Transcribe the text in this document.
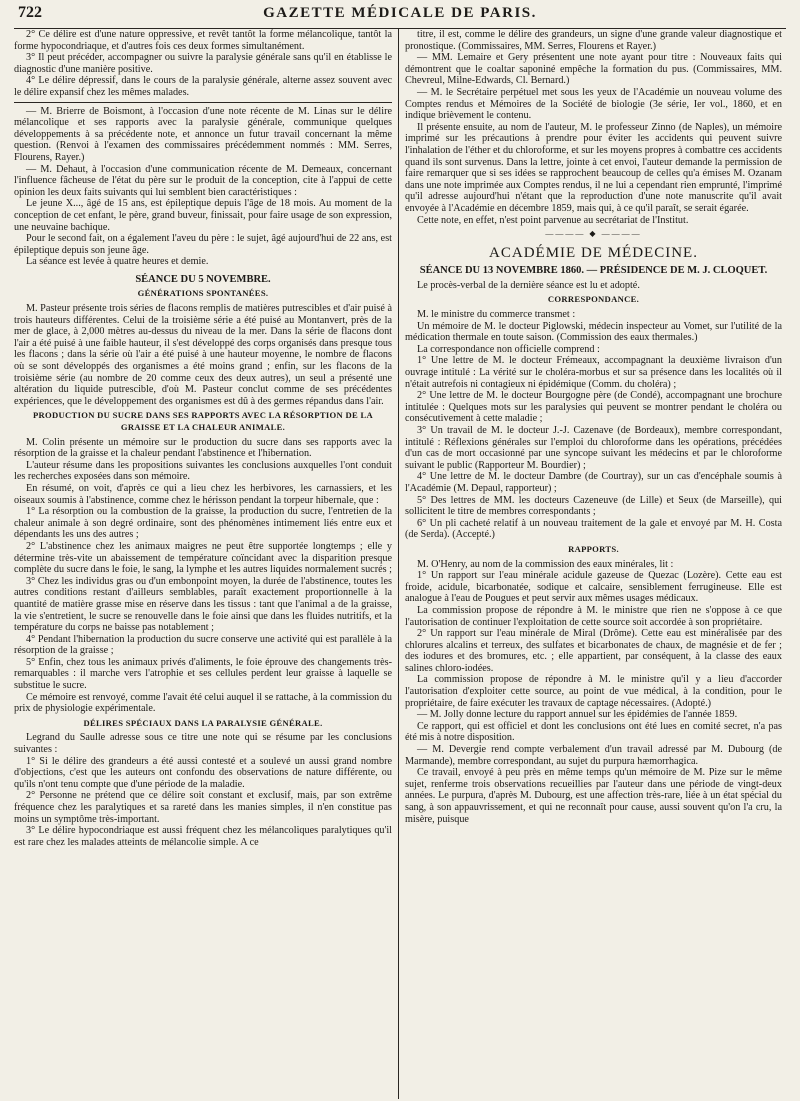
722	GAZETTE MÉDICALE DE PARIS.

2° Ce délire est d'une nature oppressive, et revêt tantôt la forme mélancolique, tantôt la forme hypocondriaque, et d'autres fois ces deux formes simultanément.

3° Il peut précéder, accompagner ou suivre la paralysie générale sans qu'il en établisse le diagnostic d'une manière positive.

4° Le délire dépressif, dans le cours de la paralysie générale, alterne assez souvent avec le délire expansif chez les mêmes malades.

— M. Brierre de Boismont, à l'occasion d'une note récente de M. Linas sur le délire mélancolique et ses rapports avec la paralysie générale, communique quelques développements à sa précédente note, et annonce un futur travail concernant la même question. (Renvoi à l'examen des commissaires précédemment nommés : MM. Serres, Flourens, Rayer.)

— M. Dehaut, à l'occasion d'une communication récente de M. Demeaux, concernant l'influence fâcheuse de l'état du père sur le produit de la conception, cite à l'appui de cette opinion les deux faits suivants qui lui semblent bien caractéristiques :

Le jeune X..., âgé de 15 ans, est épileptique depuis l'âge de 18 mois. Au moment de la conception de cet enfant, le père, grand buveur, finissait, pour faire usage de son expression, une neuvaine bachique.

Pour le second fait, on a également l'aveu du père : le sujet, âgé aujourd'hui de 22 ans, est épileptique depuis son jeune âge.

La séance est levée à quatre heures et demie.

SÉANCE DU 5 NOVEMBRE.

GÉNÉRATIONS SPONTANÉES.

M. Pasteur présente trois séries de flacons remplis de matières putrescibles et d'air puisé à trois hauteurs différentes. Celui de la troisième série a été puisé au Montanvert, près de la mer de glace, à 2,000 mètres au-dessus du niveau de la mer. Dans la série de flacons dont l'air a été puisé à une faible hauteur, il s'est développé des corps organisés dans presque tous les flacons ; dans la série où l'air a été puisé à une hauteur moyenne, le nombre de flacons où se sont développés des organismes a été moins grand ; enfin, sur les flacons de la troisième série (au nombre de 20 comme ceux des deux autres), un seul a présenté une altération du liquide putrescible, d'où M. Pasteur conclut comme de ses précédentes expériences, que le développement des organismes est dû à des germes répandus dans l'air.

PRODUCTION DU SUCRE DANS SES RAPPORTS AVEC LA RÉSORPTION DE LA GRAISSE ET LA CHALEUR ANIMALE.

M. Colin présente un mémoire sur le production du sucre dans ses rapports avec la résorption de la graisse et la chaleur pendant l'abstinence et l'hibernation.

L'auteur résume dans les propositions suivantes les conclusions auxquelles l'ont conduit les recherches exposées dans son mémoire.

En résumé, on voit, d'après ce qui a lieu chez les herbivores, les carnassiers, et les oiseaux soumis à l'abstinence, comme chez le hérisson pendant la torpeur hibernale, que :

1° La résorption ou la combustion de la graisse, la production du sucre, l'entretien de la chaleur animale à son degré ordinaire, sont des phénomènes intimement liés entre eux et dépendants les uns des autres ;

2° L'abstinence chez les animaux maigres ne peut être supportée longtemps ; elle y détermine très-vite un abaissement de température coïncidant avec la disparition presque complète du sucre dans le foie, le sang, la lymphe et les autres liquides normalement sucrés ;

3° Chez les individus gras ou d'un embonpoint moyen, la durée de l'abstinence, toutes les autres conditions restant d'ailleurs semblables, paraît exactement proportionnelle à la quantité de matière grasse mise en réserve dans les tissus : tant que l'animal a de la graisse, la vie s'entretient, le sucre se renouvelle dans le foie ainsi que dans les fluides nutritifs, et la température du corps ne baisse pas notablement ;

4° Pendant l'hibernation la production du sucre conserve une activité qui est parallèle à la résorption de la graisse ;

5° Enfin, chez tous les animaux privés d'aliments, le foie éprouve des changements très-remarquables : il marche vers l'atrophie et ses cellules perdent leur graisse à laquelle se substitue le sucre.

Ce mémoire est renvoyé, comme l'avait été celui auquel il se rattache, à la commission du prix de physiologie expérimentale.

DÉLIRES SPÉCIAUX DANS LA PARALYSIE GÉNÉRALE.

Legrand du Saulle adresse sous ce titre une note qui se résume par les conclusions suivantes :

1° Si le délire des grandeurs a été aussi contesté et a soulevé un aussi grand nombre d'objections, c'est que les auteurs ont confondu des observations de nature différente, ou qu'ils n'ont tenu compte que d'une période de la maladie.

2° Personne ne prétend que ce délire soit constant et exclusif, mais, par son extrême fréquence chez les paralytiques et sa rareté dans les manies simples, il n'en constitue pas moins un symptôme très-important.

3° Le délire hypocondriaque est aussi fréquent chez les mélancoliques paralytiques qu'il est rare chez les malades atteints de mélancolie simple. A ce

titre, il est, comme le délire des grandeurs, un signe d'une grande valeur diagnostique et pronostique. (Commissaires, MM. Serres, Flourens et Rayer.)

— MM. Lemaire et Gery présentent une note ayant pour titre : Nouveaux faits qui démontrent que le coaltar saponiné empêche la formation du pus. (Commissaires, MM. Chevreul, Milne-Edwards, Cl. Bernard.)

— M. le Secrétaire perpétuel met sous les yeux de l'Académie un nouveau volume des Comptes rendus et Mémoires de la Société de biologie (3e série, Ier vol., 1860, et en indique brièvement le contenu.

Il présente ensuite, au nom de l'auteur, M. le professeur Zinno (de Naples), un mémoire imprimé sur les précautions à prendre pour éviter les accidents qui peuvent suivre l'inhalation de l'éther et du chloroforme, et sur les moyens propres à combattre ces accidents quand ils sont survenus. Dans la lettre, jointe à cet envoi, l'auteur demande la permission de faire remarquer que si ses idées se rapprochent beaucoup de celles qu'a émises M. Ozanam dans une note imprimée aux Comptes rendus, il ne lui a cependant rien emprunté, l'imprimé qu'il adresse aujourd'hui n'étant que la reproduction d'une note manuscrite qu'il avait envoyée à l'Académie en décembre 1859, mais qui, à ce qu'il paraît, se serait égarée.

Cette note, en effet, n'est point parvenue au secrétariat de l'Institut.

———— ◆ ————

ACADÉMIE DE MÉDECINE.

SÉANCE DU 13 NOVEMBRE 1860. — PRÉSIDENCE DE M. J. CLOQUET.

Le procès-verbal de la dernière séance est lu et adopté.

CORRESPONDANCE.

M. le ministre du commerce transmet :

Un mémoire de M. le docteur Piglowski, médecin inspecteur au Vomet, sur l'utilité de la médication thermale en toute saison. (Commission des eaux thermales.)

La correspondance non officielle comprend :

1° Une lettre de M. le docteur Frémeaux, accompagnant la deuxième livraison d'un ouvrage intitulé : La vérité sur le choléra-morbus et sur sa présence dans les localités où il n'était autrefois ni contagieux ni épidémique (Comm. du choléra) ;

2° Une lettre de M. le docteur Bourgogne père (de Condé), accompagnant une brochure intitulée : Quelques mots sur les paralysies qui peuvent se montrer pendant le choléra ou consécutivement à cette maladie ;

3° Un travail de M. le docteur J.-J. Cazenave (de Bordeaux), membre correspondant, intitulé : Réflexions générales sur l'emploi du chloroforme dans les opérations, précédées d'un cas de mort occasionné par une syncope suivant les médecins et par le chloroforme suivant le public (Rapporteur M. Bourdier) ;

4° Une lettre de M. le docteur Dambre (de Courtray), sur un cas d'encéphale soumis à l'Académie (M. Depaul, rapporteur) ;

5° Des lettres de MM. les docteurs Cazeneuve (de Lille) et Seux (de Marseille), qui sollicitent le titre de membres correspondants ;

6° Un pli cacheté relatif à un nouveau traitement de la gale et envoyé par M. H. Costa (de Serda). (Accepté.)

RAPPORTS.

M. O'Henry, au nom de la commission des eaux minérales, lit :

1° Un rapport sur l'eau minérale acidule gazeuse de Quezac (Lozère). Cette eau est froide, acidule, bicarbonatée, sodique et calcaire, sensiblement ferrugineuse. Elle est analogue à l'eau de Pougues et peut servir aux mêmes usages médicaux.

La commission propose de répondre à M. le ministre que rien ne s'oppose à ce que l'autorisation de continuer l'exploitation de cette source soit accordée à son propriétaire.

2° Un rapport sur l'eau minérale de Miral (Drôme). Cette eau est minéralisée par des chlorures alcalins et terreux, des sulfates et bicarbonates de chaux, de magnésie et de fer ; des iodures et des bromures, etc. ; elle appartient, par conséquent, à la classe des eaux salines chloro-iodées.

La commission propose de répondre à M. le ministre qu'il y a lieu d'accorder l'autorisation d'exploiter cette source, au point de vue médical, à la condition, pour le propriétaire, de faire exécuter les travaux de captage nécessaires. (Adopté.)

— M. Jolly donne lecture du rapport annuel sur les épidémies de l'année 1859.

Ce rapport, qui est officiel et dont les conclusions ont été lues en comité secret, n'a pas été mis à notre disposition.

— M. Devergie rend compte verbalement d'un travail adressé par M. Dubourg (de Marmande), membre correspondant, au sujet du purpura hæmorrhagica.

Ce travail, envoyé à peu près en même temps qu'un mémoire de M. Pize sur le même sujet, renferme trois observations recueillies par l'auteur dans une période de vingt-deux années. Le purpura, d'après M. Dubourg, est une affection très-rare, liée à un état spécial du sang, à son appauvrissement, et qui ne reconnaît pour cause, aussi souvent qu'on l'a cru, la misère, puisque
